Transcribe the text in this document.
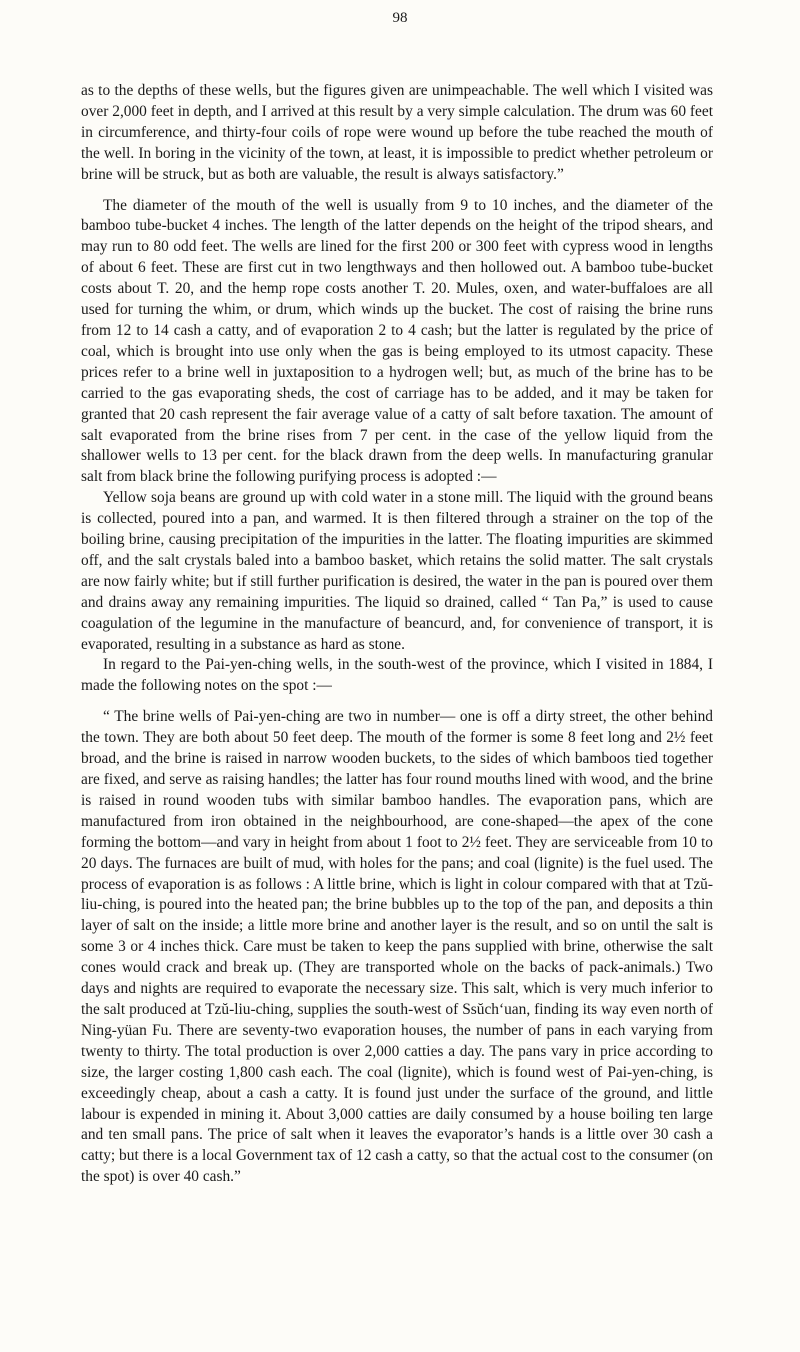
98

as to the depths of these wells, but the figures given are unimpeachable. The well which I visited was over 2,000 feet in depth, and I arrived at this result by a very simple calculation. The drum was 60 feet in circumference, and thirty-four coils of rope were wound up before the tube reached the mouth of the well. In boring in the vicinity of the town, at least, it is impossible to predict whether petroleum or brine will be struck, but as both are valuable, the result is always satisfactory.”

The diameter of the mouth of the well is usually from 9 to 10 inches, and the diameter of the bamboo tube-bucket 4 inches. The length of the latter depends on the height of the tripod shears, and may run to 80 odd feet. The wells are lined for the first 200 or 300 feet with cypress wood in lengths of about 6 feet. These are first cut in two lengthways and then hollowed out. A bamboo tube-bucket costs about T. 20, and the hemp rope costs another T. 20. Mules, oxen, and water-buffaloes are all used for turning the whim, or drum, which winds up the bucket. The cost of raising the brine runs from 12 to 14 cash a catty, and of evaporation 2 to 4 cash; but the latter is regulated by the price of coal, which is brought into use only when the gas is being employed to its utmost capacity. These prices refer to a brine well in juxtaposition to a hydrogen well; but, as much of the brine has to be carried to the gas evaporating sheds, the cost of carriage has to be added, and it may be taken for granted that 20 cash represent the fair average value of a catty of salt before taxation. The amount of salt evaporated from the brine rises from 7 per cent. in the case of the yellow liquid from the shallower wells to 13 per cent. for the black drawn from the deep wells. In manufacturing granular salt from black brine the following purifying process is adopted :—

Yellow soja beans are ground up with cold water in a stone mill. The liquid with the ground beans is collected, poured into a pan, and warmed. It is then filtered through a strainer on the top of the boiling brine, causing precipitation of the impurities in the latter. The floating impurities are skimmed off, and the salt crystals baled into a bamboo basket, which retains the solid matter. The salt crystals are now fairly white; but if still further purification is desired, the water in the pan is poured over them and drains away any remaining impurities. The liquid so drained, called “ Tan Pa,” is used to cause coagulation of the legumine in the manufacture of beancurd, and, for convenience of transport, it is evaporated, resulting in a substance as hard as stone.

In regard to the Pai-yen-ching wells, in the south-west of the province, which I visited in 1884, I made the following notes on the spot :—

“ The brine wells of Pai-yen-ching are two in number— one is off a dirty street, the other behind the town. They are both about 50 feet deep. The mouth of the former is some 8 feet long and 2½ feet broad, and the brine is raised in narrow wooden buckets, to the sides of which bamboos tied together are fixed, and serve as raising handles; the latter has four round mouths lined with wood, and the brine is raised in round wooden tubs with similar bamboo handles. The evaporation pans, which are manufactured from iron obtained in the neighbourhood, are cone-shaped—the apex of the cone forming the bottom—and vary in height from about 1 foot to 2½ feet. They are serviceable from 10 to 20 days. The furnaces are built of mud, with holes for the pans; and coal (lignite) is the fuel used. The process of evaporation is as follows : A little brine, which is light in colour compared with that at Tzŭ-liu-ching, is poured into the heated pan; the brine bubbles up to the top of the pan, and deposits a thin layer of salt on the inside; a little more brine and another layer is the result, and so on until the salt is some 3 or 4 inches thick. Care must be taken to keep the pans supplied with brine, otherwise the salt cones would crack and break up. (They are transported whole on the backs of pack-animals.) Two days and nights are required to evaporate the necessary size. This salt, which is very much inferior to the salt produced at Tzŭ-liu-ching, supplies the south-west of Ssŭch‘uan, finding its way even north of Ning-yüan Fu. There are seventy-two evaporation houses, the number of pans in each varying from twenty to thirty. The total production is over 2,000 catties a day. The pans vary in price according to size, the larger costing 1,800 cash each. The coal (lignite), which is found west of Pai-yen-ching, is exceedingly cheap, about a cash a catty. It is found just under the surface of the ground, and little labour is expended in mining it. About 3,000 catties are daily consumed by a house boiling ten large and ten small pans. The price of salt when it leaves the evaporator’s hands is a little over 30 cash a catty; but there is a local Government tax of 12 cash a catty, so that the actual cost to the consumer (on the spot) is over 40 cash.”
